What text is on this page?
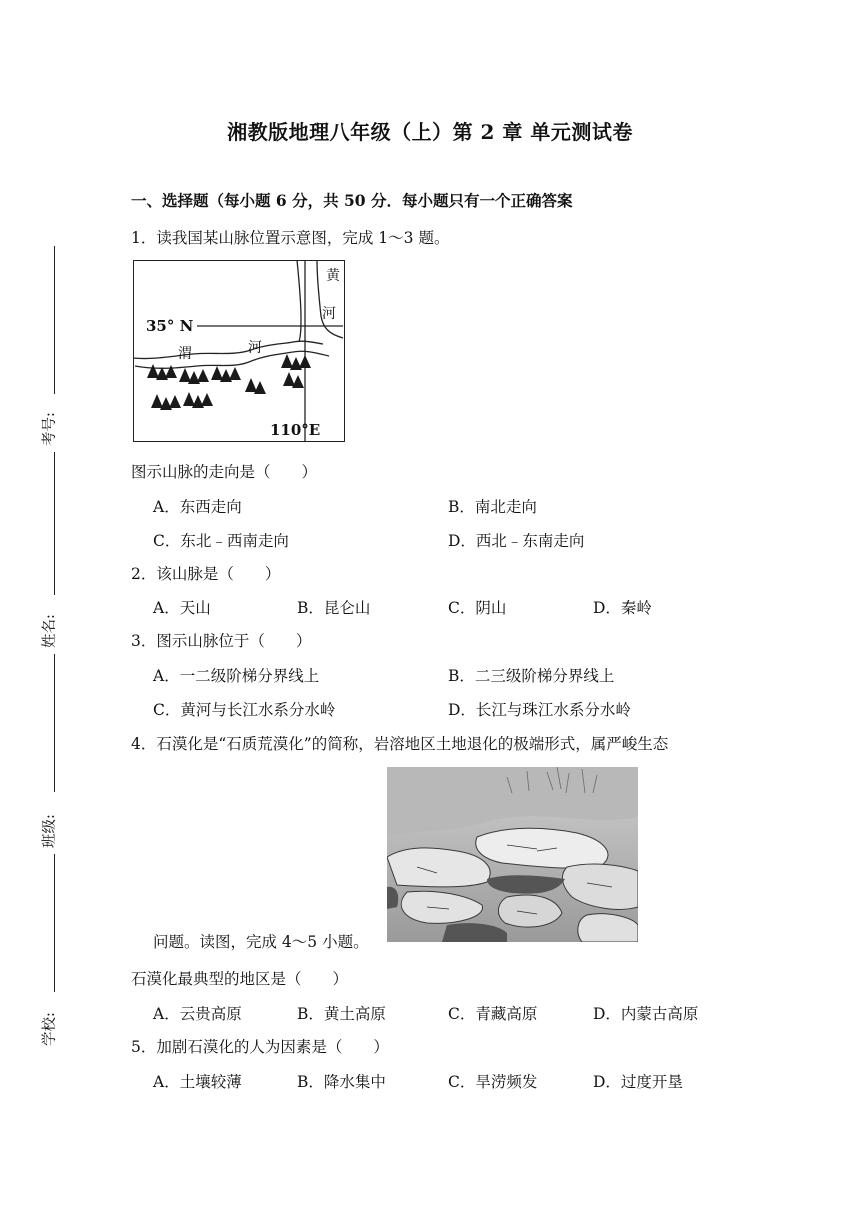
湘教版地理八年级（上）第 2 章 单元测试卷
考号:
姓名:
班级:
学校:
一、选择题（每小题 6 分，共 50 分．每小题只有一个正确答案
1．读我国某山脉位置示意图，完成 1～3 题。
35° N
110°E
渭	河
黄
河
图示山脉的走向是（　　）
A．东西走向	B．南北走向
C．东北﹣西南走向	D．西北﹣东南走向
2．该山脉是（　　）
A．天山	B．昆仑山	C．阴山	D．秦岭
3．图示山脉位于（　　）
A．一二级阶梯分界线上	B．二三级阶梯分界线上
C．黄河与长江水系分水岭	D．长江与珠江水系分水岭
4．石漠化是“石质荒漠化”的简称，岩溶地区土地退化的极端形式，属严峻生态
问题。读图，完成 4～5 小题。
石漠化最典型的地区是（　　）
A．云贵高原	B．黄土高原	C．青藏高原	D．内蒙古高原
5．加剧石漠化的人为因素是（　　）
A．土壤较薄	B．降水集中	C．旱涝频发	D．过度开垦
